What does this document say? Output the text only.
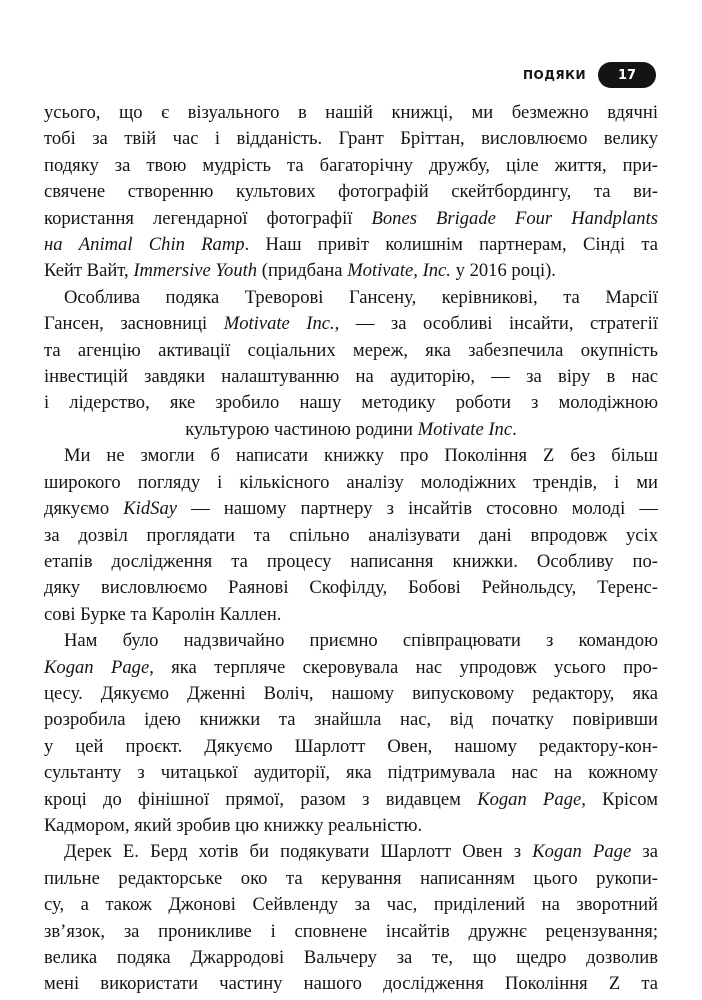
ПОДЯКИ	17

усього, що є візуального в нашій книжці, ми безмежно вдячні
тобі за твій час і відданість. Грант Бріттан, висловлюємо велику
подяку за твою мудрість та багаторічну дружбу, ціле життя, при-
свячене створенню культових фотографій скейтбордингу, та ви-
користання легендарної фотографії Bones Brigade Four Handplants
на Animal Chin Ramp. Наш привіт колишнім партнерам, Сінді та
Кейт Вайт, Immersive Youth (придбана Motivate, Inc. у 2016 році).

Особлива подяка Треворові Гансену, керівникові, та Марсії
Гансен, засновниці Motivate Inc., — за особливі інсайти, стратегії
та агенцію активації соціальних мереж, яка забезпечила окупність
інвестицій завдяки налаштуванню на аудиторію, — за віру в нас
і лідерство, яке зробило нашу методику роботи з молодіжною
культурою частиною родини Motivate Inc.

Ми не змогли б написати книжку про Покоління Z без більш
широкого погляду і кількісного аналізу молодіжних трендів, і ми
дякуємо KidSay — нашому партнеру з інсайтів стосовно молоді —
за дозвіл проглядати та спільно аналізувати дані впродовж усіх
етапів дослідження та процесу написання книжки. Особливу по-
дяку висловлюємо Раянові Скофілду, Бобові Рейнольдсу, Теренс-
сові Бурке та Каролін Каллен.

Нам було надзвичайно приємно співпрацювати з командою
Kogan Page, яка терпляче скеровувала нас упродовж усього про-
цесу. Дякуємо Дженні Воліч, нашому випусковому редактору, яка
розробила ідею книжки та знайшла нас, від початку повіривши
у цей проєкт. Дякуємо Шарлотт Овен, нашому редактору-кон-
сультанту з читацької аудиторії, яка підтримувала нас на кожному
кроці до фінішної прямої, разом з видавцем Kogan Page, Крісом
Кадмором, який зробив цю книжку реальністю.

Дерек Е. Берд хотів би подякувати Шарлотт Овен з Kogan Page за
пильне редакторське око та керування написанням цього рукопи-
су, а також Джонові Сейвленду за час, приділений на зворотний
зв’язок, за проникливе і сповнене інсайтів дружнє рецензування;
велика подяка Джарродові Вальчеру за те, що щедро дозволив
мені використати частину нашого дослідження Покоління Z та
